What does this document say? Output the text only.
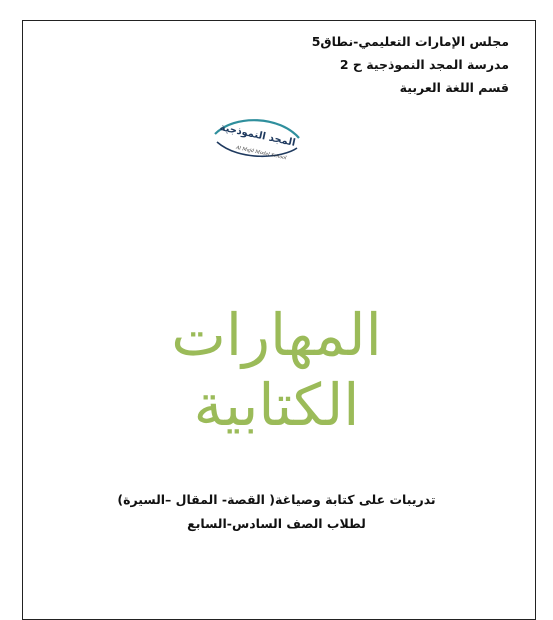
مجلس الإمارات التعليمي-نطاق5
مدرسة المجد النموذجية ح 2
قسم اللغة العربية
المجد النموذجية
Al Majd Model School
المهارات
الكتابية
تدريبات على كتابة وصياغة( القصة- المقال –السيرة)
لطلاب الصف السادس-السابع
